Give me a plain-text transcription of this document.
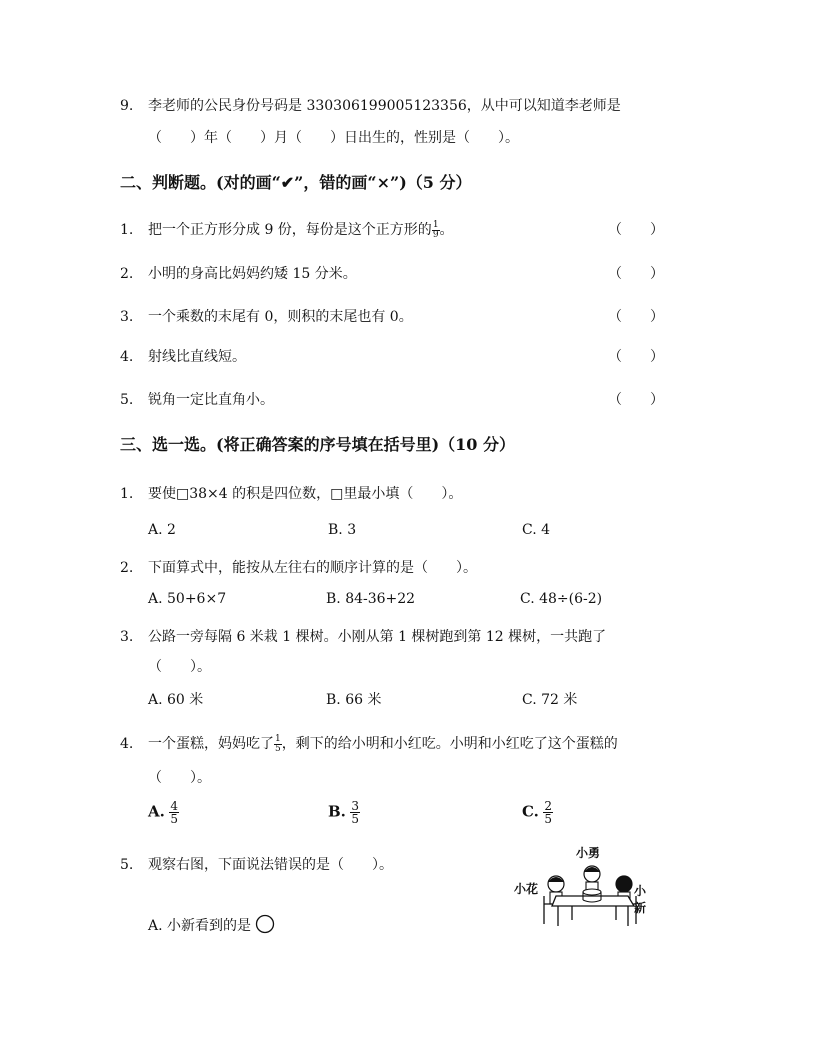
9. 李老师的公民身份号码是 330306199005123356，从中可以知道李老师是
（　　）年（　　）月（　　）日出生的，性别是（　　）。
二、判断题。(对的画“✔”，错的画“×”)（5 分）
1. 把一个正方形分成 9 份，每份是这个正方形的 $\frac{1}{9}$ 。	（　　）
2. 小明的身高比妈妈约矮 15 分米。	（　　）
3. 一个乘数的末尾有 0，则积的末尾也有 0。	（　　）
4. 射线比直线短。	（　　）
5. 锐角一定比直角小。	（　　）
三、选一选。(将正确答案的序号填在括号里)（10 分）
1. 要使□38×4 的积是四位数，□里最小填（　　）。
A. 2	B. 3	C. 4
2. 下面算式中，能按从左往右的顺序计算的是（　　）。
A. 50+6×7	B. 84-36+22	C. 48÷(6-2)
3. 公路一旁每隔 6 米栽 1 棵树。小刚从第 1 棵树跑到第 12 棵树，一共跑了
（　　）。
A. 60 米	B. 66 米	C. 72 米
4. 一个蛋糕，妈妈吃了 $\frac{1}{5}$ ，剩下的给小明和小红吃。小明和小红吃了这个蛋糕的
（　　）。
A. $\frac{4}{5}$	B. $\frac{3}{5}$	C. $\frac{2}{5}$
5. 观察右图，下面说法错误的是（　　）。
A. 小新看到的是
小勇
小花	小新
